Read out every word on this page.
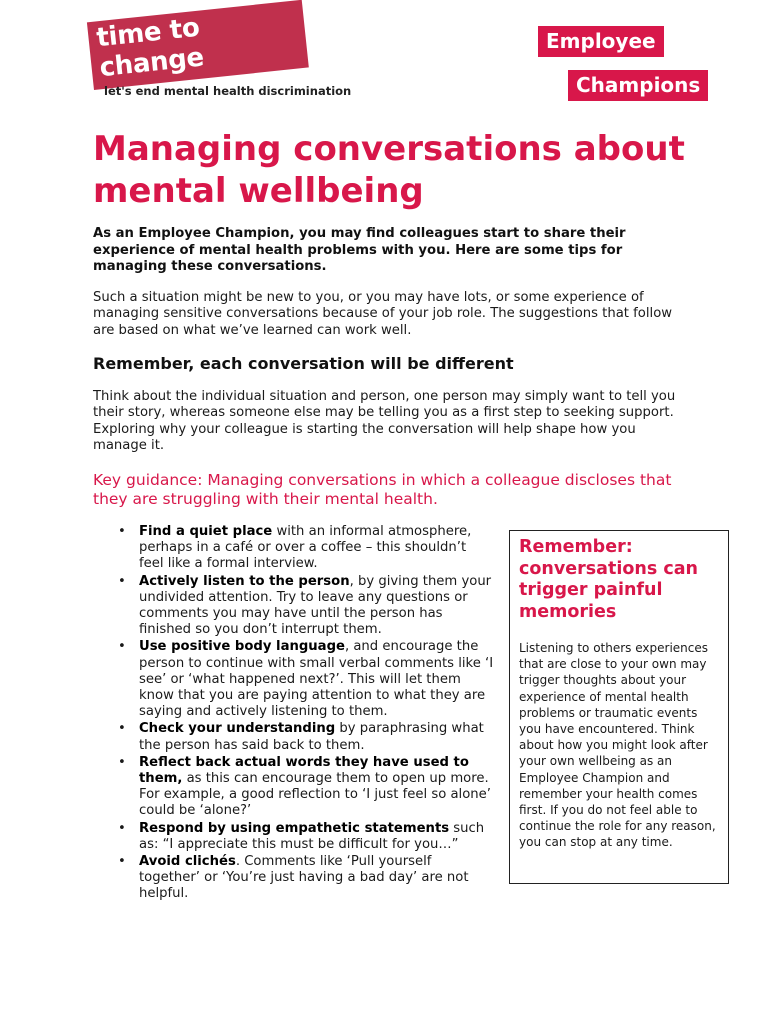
time to change
let's end mental health discrimination
Employee
Champions
Managing conversations about mental wellbeing

As an Employee Champion, you may find colleagues start to share their experience of mental health problems with you. Here are some tips for managing these conversations.

Such a situation might be new to you, or you may have lots, or some experience of managing sensitive conversations because of your job role. The suggestions that follow are based on what we’ve learned can work well.

Remember, each conversation will be different

Think about the individual situation and person, one person may simply want to tell you their story, whereas someone else may be telling you as a first step to seeking support. Exploring why your colleague is starting the conversation will help shape how you manage it.

Key guidance: Managing conversations in which a colleague discloses that they are struggling with their mental health.

• Find a quiet place with an informal atmosphere, perhaps in a café or over a coffee – this shouldn’t feel like a formal interview.
• Actively listen to the person, by giving them your undivided attention. Try to leave any questions or comments you may have until the person has finished so you don’t interrupt them.
• Use positive body language, and encourage the person to continue with small verbal comments like ‘I see’ or ‘what happened next?’. This will let them know that you are paying attention to what they are saying and actively listening to them.
• Check your understanding by paraphrasing what the person has said back to them.
• Reflect back actual words they have used to them, as this can encourage them to open up more. For example, a good reflection to ‘I just feel so alone’ could be ‘alone?’
• Respond by using empathetic statements such as: “I appreciate this must be difficult for you…”
• Avoid clichés. Comments like ‘Pull yourself together’ or ‘You’re just having a bad day’ are not helpful.
Remember: conversations can trigger painful memories

Listening to others experiences that are close to your own may trigger thoughts about your experience of mental health problems or traumatic events you have encountered. Think about how you might look after your own wellbeing as an Employee Champion and remember your health comes first. If you do not feel able to continue the role for any reason, you can stop at any time.
